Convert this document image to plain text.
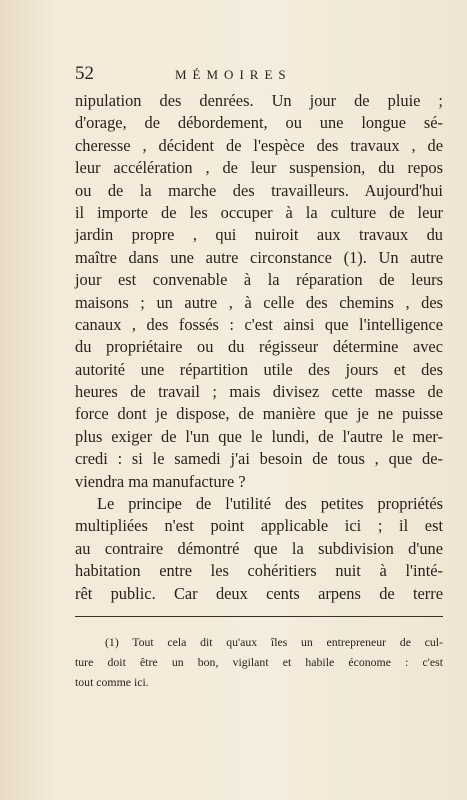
52	MÉMOIRES
nipulation des denrées. Un jour de pluie ;
d'orage, de débordement, ou une longue sé-
cheresse , décident de l'espèce des travaux , de
leur accélération , de leur suspension, du repos
ou de la marche des travailleurs. Aujourd'hui
il importe de les occuper à la culture de leur
jardin propre , qui nuiroit aux travaux du
maître dans une autre circonstance (1). Un autre
jour est convenable à la réparation de leurs
maisons ; un autre , à celle des chemins , des
canaux , des fossés : c'est ainsi que l'intelligence
du propriétaire ou du régisseur détermine avec
autorité une répartition utile des jours et des
heures de travail ; mais divisez cette masse de
force dont je dispose, de manière que je ne puisse
plus exiger de l'un que le lundi, de l'autre le mer-
credi : si le samedi j'ai besoin de tous , que de-
viendra ma manufacture ?
Le principe de l'utilité des petites propriétés
multipliées n'est point applicable ici ; il est
au contraire démontré que la subdivision d'une
habitation entre les cohéritiers nuit à l'inté-
rêt public. Car deux cents arpens de terre
(1) Tout cela dit qu'aux îles un entrepreneur de cul-
ture doit être un bon, vigilant et habile économe : c'est
tout comme ici.
